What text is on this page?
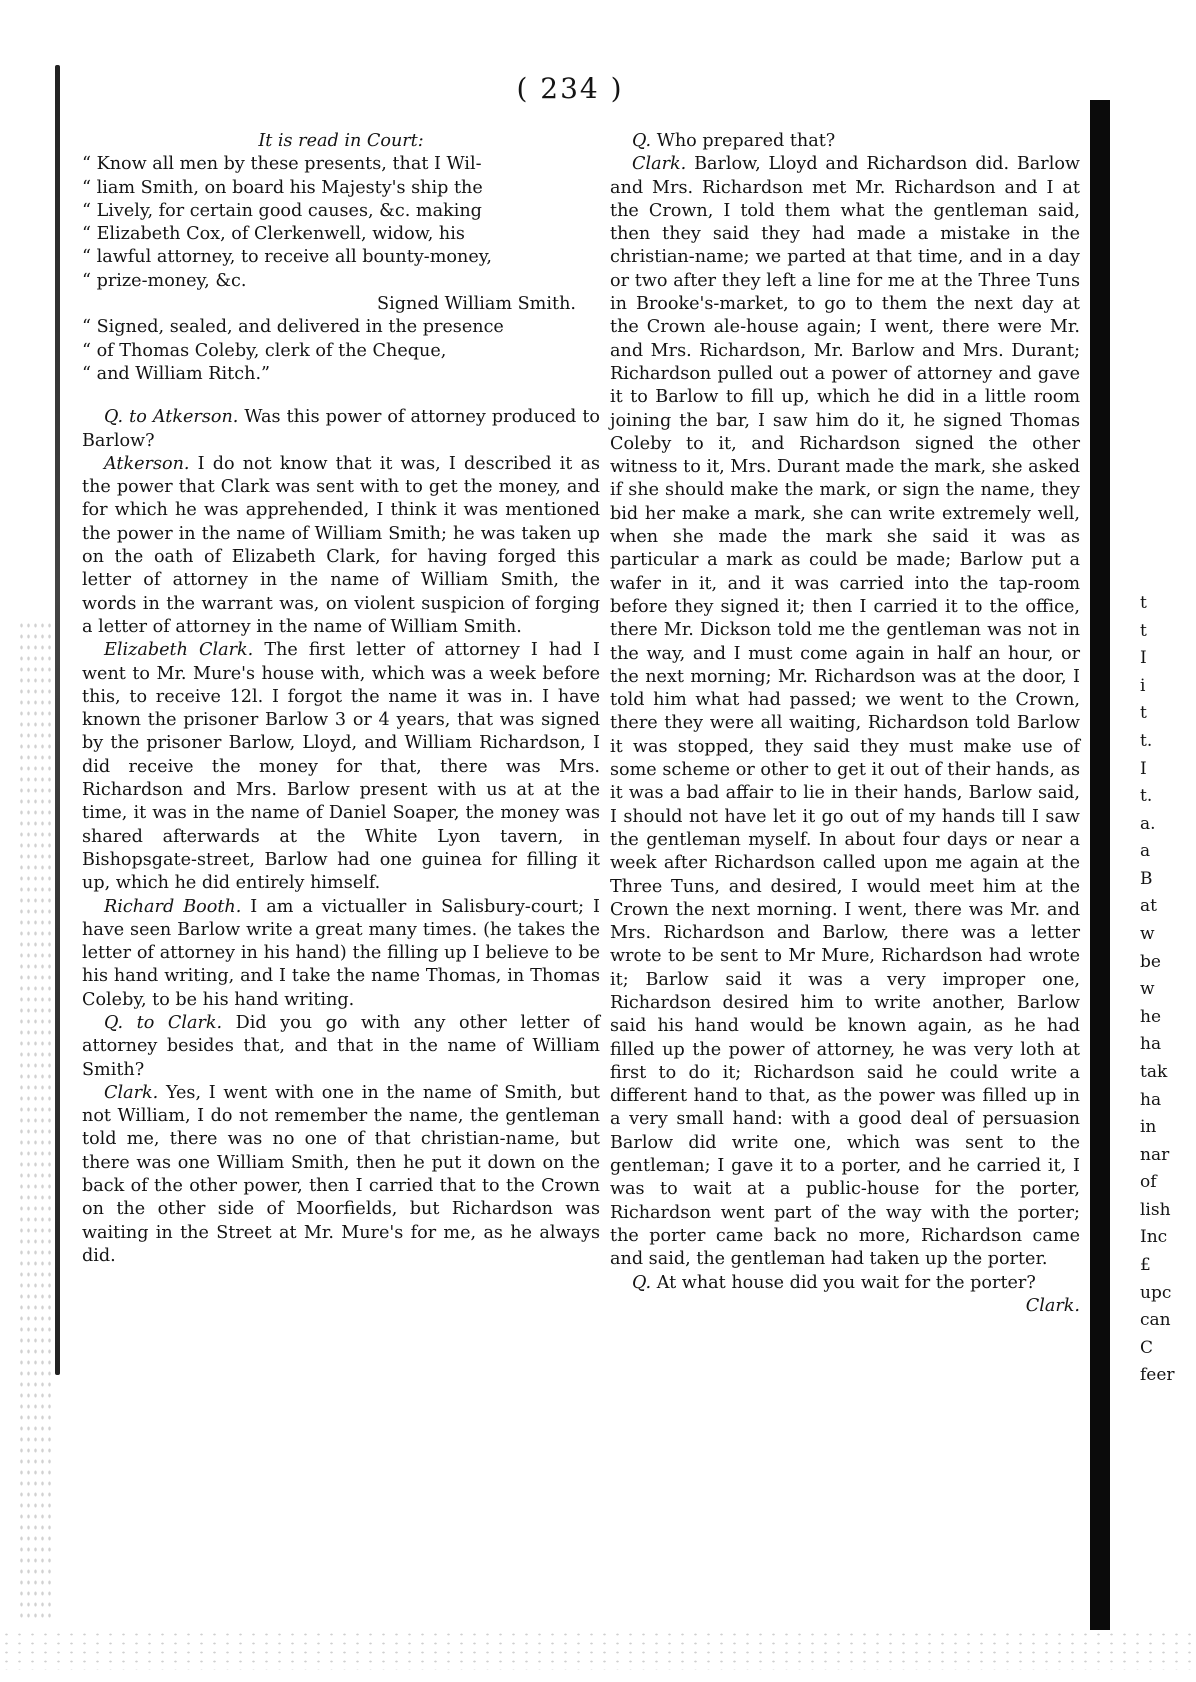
( 234 )

It is read in Court:

“ Know all men by these presents, that I Wil-
“ liam Smith, on board his Majesty's ship the
“ Lively, for certain good causes, &c. making
“ Elizabeth Cox, of Clerkenwell, widow, his
“ lawful attorney, to receive all bounty-money,
“ prize-money, &c.

Signed William Smith.

“ Signed, sealed, and delivered in the presence
“ of Thomas Coleby, clerk of the Cheque,
“ and William Ritch.”

Q. to Atkerson. Was this power of attorney produced to Barlow?

Atkerson. I do not know that it was, I described it as the power that Clark was sent with to get the money, and for which he was apprehended, I think it was mentioned the power in the name of William Smith; he was taken up on the oath of Elizabeth Clark, for having forged this letter of attorney in the name of William Smith, the words in the warrant was, on violent suspicion of forging a letter of attorney in the name of William Smith.

Elizabeth Clark. The first letter of attorney I had I went to Mr. Mure's house with, which was a week before this, to receive 12l. I forgot the name it was in. I have known the prisoner Barlow 3 or 4 years, that was signed by the prisoner Barlow, Lloyd, and William Richardson, I did receive the money for that, there was Mrs. Richardson and Mrs. Barlow present with us at at the time, it was in the name of Daniel Soaper, the money was shared afterwards at the White Lyon tavern, in Bishopsgate-street, Barlow had one guinea for filling it up, which he did entirely himself.

Richard Booth. I am a victualler in Salisbury-court; I have seen Barlow write a great many times. (he takes the letter of attorney in his hand) the filling up I believe to be his hand writing, and I take the name Thomas, in Thomas Coleby, to be his hand writing.

Q. to Clark. Did you go with any other letter of attorney besides that, and that in the name of William Smith?

Clark. Yes, I went with one in the name of Smith, but not William, I do not remember the name, the gentleman told me, there was no one of that christian-name, but there was one William Smith, then he put it down on the back of the other power, then I carried that to the Crown on the other side of Moorfields, but Richardson was waiting in the Street at Mr. Mure's for me, as he always did.

Q. Who prepared that?

Clark. Barlow, Lloyd and Richardson did. Barlow and Mrs. Richardson met Mr. Richardson and I at the Crown, I told them what the gentleman said, then they said they had made a mistake in the christian-name; we parted at that time, and in a day or two after they left a line for me at the Three Tuns in Brooke's-market, to go to them the next day at the Crown ale-house again; I went, there were Mr. and Mrs. Richardson, Mr. Barlow and Mrs. Durant; Richardson pulled out a power of attorney and gave it to Barlow to fill up, which he did in a little room joining the bar, I saw him do it, he signed Thomas Coleby to it, and Richardson signed the other witness to it, Mrs. Durant made the mark, she asked if she should make the mark, or sign the name, they bid her make a mark, she can write extremely well, when she made the mark she said it was as particular a mark as could be made; Barlow put a wafer in it, and it was carried into the tap-room before they signed it; then I carried it to the office, there Mr. Dickson told me the gentleman was not in the way, and I must come again in half an hour, or the next morning; Mr. Richardson was at the door, I told him what had passed; we went to the Crown, there they were all waiting, Richardson told Barlow it was stopped, they said they must make use of some scheme or other to get it out of their hands, as it was a bad affair to lie in their hands, Barlow said, I should not have let it go out of my hands till I saw the gentleman myself. In about four days or near a week after Richardson called upon me again at the Three Tuns, and desired, I would meet him at the Crown the next morning. I went, there was Mr. and Mrs. Richardson and Barlow, there was a letter wrote to be sent to Mr Mure, Richardson had wrote it; Barlow said it was a very improper one, Richardson desired him to write another, Barlow said his hand would be known again, as he had filled up the power of attorney, he was very loth at first to do it; Richardson said he could write a different hand to that, as the power was filled up in a very small hand: with a good deal of persuasion Barlow did write one, which was sent to the gentleman; I gave it to a porter, and he carried it, I was to wait at a public-house for the porter, Richardson went part of the way with the porter; the porter came back no more, Richardson came and said, the gentleman had taken up the porter.

Q. At what house did you wait for the porter?

Clark.

t
t
I
i
t
t.
I
t.
a.
a
B
at
w
be
w
he
ha
tak
ha
in
nar
of
lish
Inc
£
upc
can
C
feer
